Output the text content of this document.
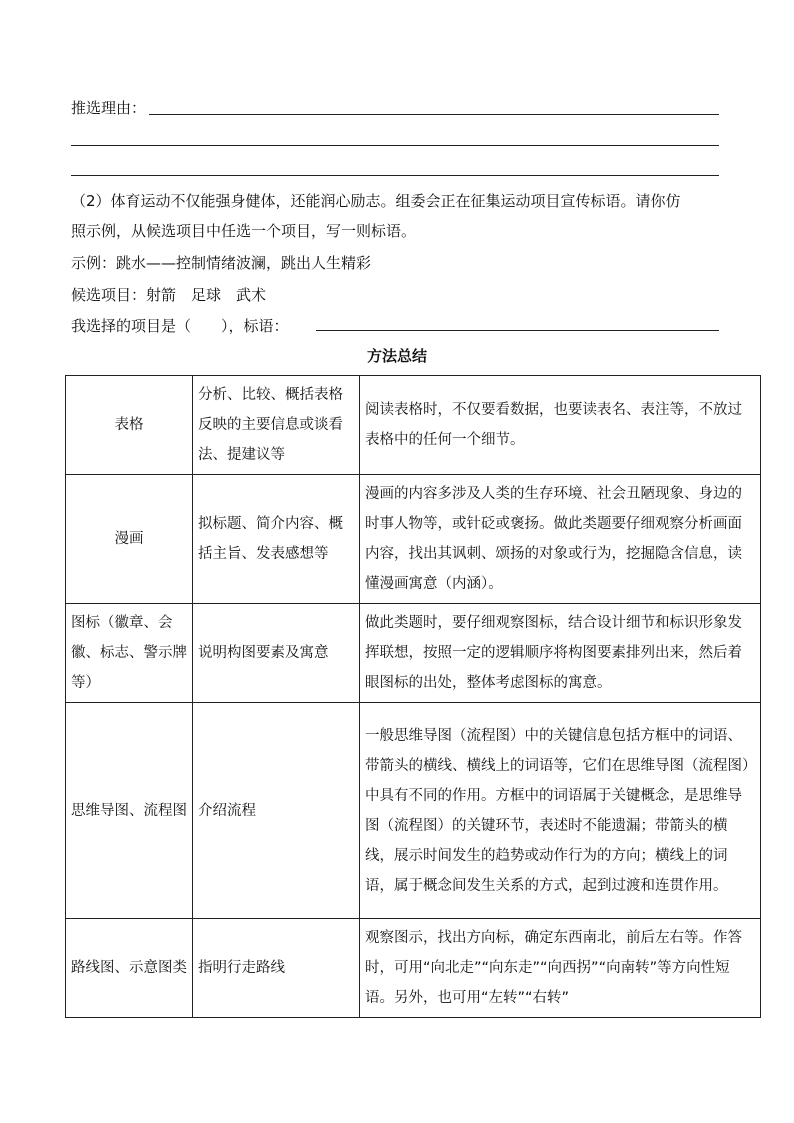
推选理由：
（2）体育运动不仅能强身健体，还能润心励志。组委会正在征集运动项目宣传标语。请你仿
照示例，从候选项目中任选一个项目，写一则标语。
示例：跳水——控制情绪波澜，跳出人生精彩
候选项目：射箭　足球　武术
我选择的项目是（　　），标语：
方法总结
表格	分析、比较、概括表格反映的主要信息或谈看法、提建议等	阅读表格时，不仅要看数据，也要读表名、表注等，不放过表格中的任何一个细节。
漫画	拟标题、简介内容、概括主旨、发表感想等	漫画的内容多涉及人类的生存环境、社会丑陋现象、身边的时事人物等，或针砭或褒扬。做此类题要仔细观察分析画面内容，找出其讽刺、颂扬的对象或行为，挖掘隐含信息，读懂漫画寓意（内涵）。
图标（徽章、会徽、标志、警示牌等）	说明构图要素及寓意	做此类题时，要仔细观察图标，结合设计细节和标识形象发挥联想，按照一定的逻辑顺序将构图要素排列出来，然后着眼图标的出处，整体考虑图标的寓意。
思维导图、流程图	介绍流程	一般思维导图（流程图）中的关键信息包括方框中的词语、带箭头的横线、横线上的词语等，它们在思维导图（流程图）中具有不同的作用。方框中的词语属于关键概念，是思维导图（流程图）的关键环节，表述时不能遗漏；带箭头的横线，展示时间发生的趋势或动作行为的方向；横线上的词语，属于概念间发生关系的方式，起到过渡和连贯作用。
路线图、示意图类	指明行走路线	观察图示，找出方向标，确定东西南北，前后左右等。作答时，可用“向北走”“向东走”“向西拐”“向南转”等方向性短语。另外，也可用“左转”“右转”
